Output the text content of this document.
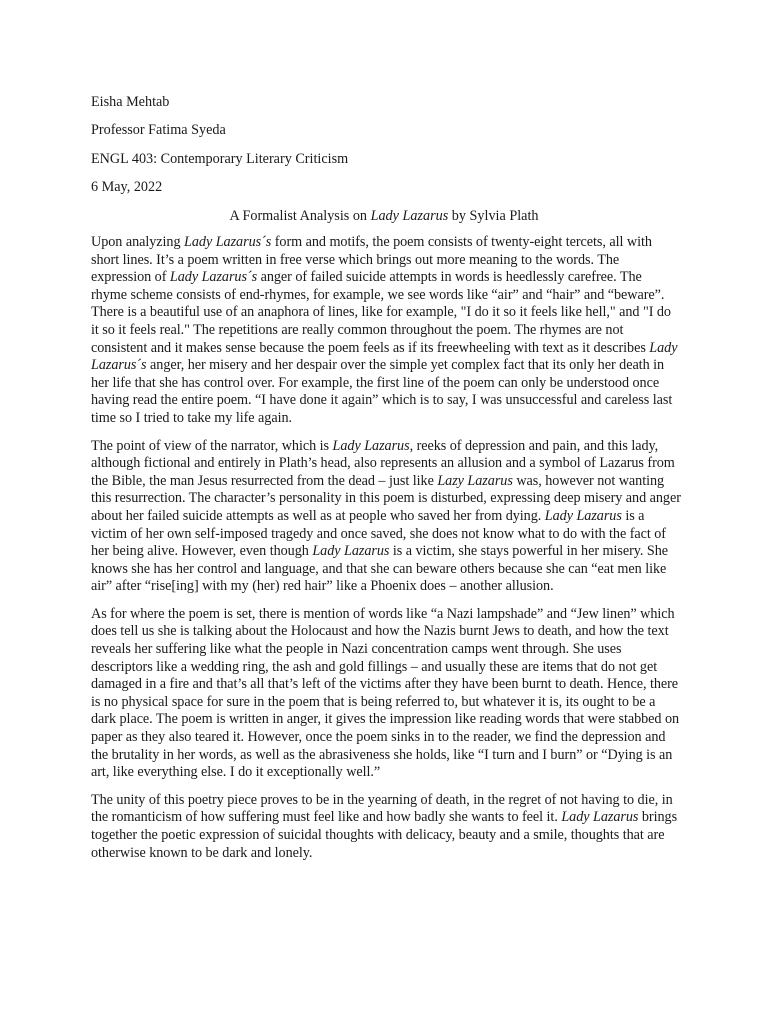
Eisha Mehtab

Professor Fatima Syeda

ENGL 403: Contemporary Literary Criticism

6 May, 2022

A Formalist Analysis on Lady Lazarus by Sylvia Plath

Upon analyzing Lady Lazarus´s form and motifs, the poem consists of twenty-eight tercets, all with short lines. It’s a poem written in free verse which brings out more meaning to the words. The expression of Lady Lazarus´s anger of failed suicide attempts in words is heedlessly carefree. The rhyme scheme consists of end-rhymes, for example, we see words like “air” and “hair” and “beware”. There is a beautiful use of an anaphora of lines, like for example, "I do it so it feels like hell," and "I do it so it feels real." The repetitions are really common throughout the poem. The rhymes are not consistent and it makes sense because the poem feels as if its freewheeling with text as it describes Lady Lazarus´s anger, her misery and her despair over the simple yet complex fact that its only her death in her life that she has control over. For example, the first line of the poem can only be understood once having read the entire poem. “I have done it again” which is to say, I was unsuccessful and careless last time so I tried to take my life again.

The point of view of the narrator, which is Lady Lazarus, reeks of depression and pain, and this lady, although fictional and entirely in Plath’s head, also represents an allusion and a symbol of Lazarus from the Bible, the man Jesus resurrected from the dead – just like Lazy Lazarus was, however not wanting this resurrection. The character’s personality in this poem is disturbed, expressing deep misery and anger about her failed suicide attempts as well as at people who saved her from dying. Lady Lazarus is a victim of her own self-imposed tragedy and once saved, she does not know what to do with the fact of her being alive. However, even though Lady Lazarus is a victim, she stays powerful in her misery. She knows she has her control and language, and that she can beware others because she can “eat men like air” after “rise[ing] with my (her) red hair” like a Phoenix does – another allusion.

As for where the poem is set, there is mention of words like “a Nazi lampshade” and “Jew linen” which does tell us she is talking about the Holocaust and how the Nazis burnt Jews to death, and how the text reveals her suffering like what the people in Nazi concentration camps went through. She uses descriptors like a wedding ring, the ash and gold fillings – and usually these are items that do not get damaged in a fire and that’s all that’s left of the victims after they have been burnt to death. Hence, there is no physical space for sure in the poem that is being referred to, but whatever it is, its ought to be a dark place. The poem is written in anger, it gives the impression like reading words that were stabbed on paper as they also teared it. However, once the poem sinks in to the reader, we find the depression and the brutality in her words, as well as the abrasiveness she holds, like “I turn and I burn” or “Dying is an art, like everything else. I do it exceptionally well.”

The unity of this poetry piece proves to be in the yearning of death, in the regret of not having to die, in the romanticism of how suffering must feel like and how badly she wants to feel it. Lady Lazarus brings together the poetic expression of suicidal thoughts with delicacy, beauty and a smile, thoughts that are otherwise known to be dark and lonely.
